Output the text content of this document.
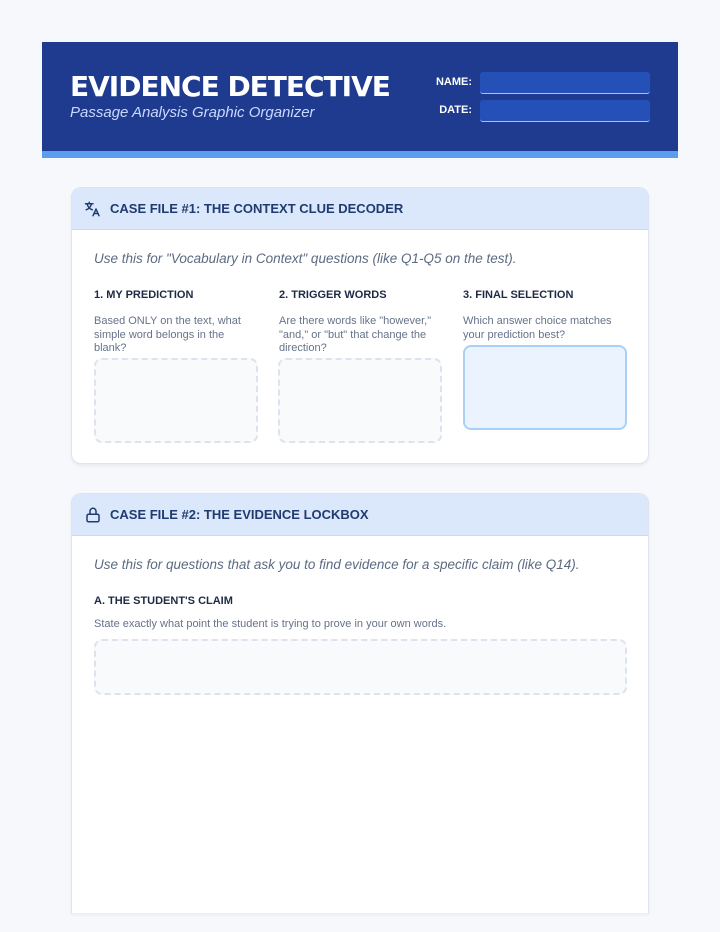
EVIDENCE DETECTIVE
Passage Analysis Graphic Organizer
NAME:
DATE:
CASE FILE #1: THE CONTEXT CLUE DECODER
Use this for "Vocabulary in Context" questions (like Q1-Q5 on the test).
1. MY PREDICTION
Based ONLY on the text, what simple word belongs in the blank?
2. TRIGGER WORDS
Are there words like "however," "and," or "but" that change the direction?
3. FINAL SELECTION
Which answer choice matches your prediction best?
CASE FILE #2: THE EVIDENCE LOCKBOX
Use this for questions that ask you to find evidence for a specific claim (like Q14).
A. THE STUDENT'S CLAIM
State exactly what point the student is trying to prove in your own words.
